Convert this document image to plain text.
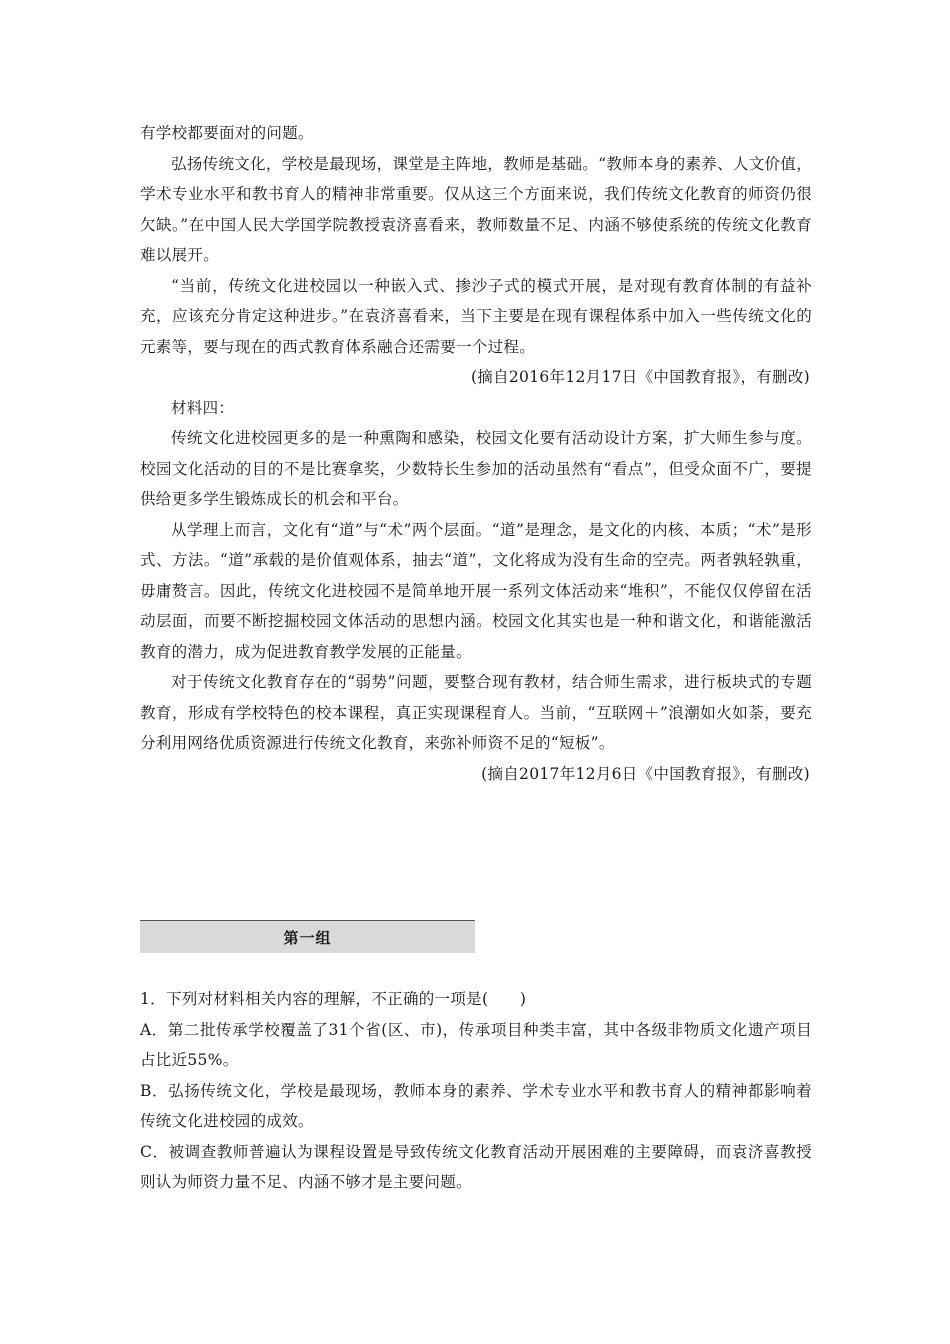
有学校都要面对的问题。

弘扬传统文化，学校是最现场，课堂是主阵地，教师是基础。“教师本身的素养、人文价值，学术专业水平和教书育人的精神非常重要。仅从这三个方面来说，我们传统文化教育的师资仍很欠缺。”在中国人民大学国学院教授袁济喜看来，教师数量不足、内涵不够使系统的传统文化教育难以展开。

“当前，传统文化进校园以一种嵌入式、掺沙子式的模式开展，是对现有教育体制的有益补充，应该充分肯定这种进步。”在袁济喜看来，当下主要是在现有课程体系中加入一些传统文化的元素等，要与现在的西式教育体系融合还需要一个过程。

(摘自2016年12月17日《中国教育报》，有删改)

材料四：

传统文化进校园更多的是一种熏陶和感染，校园文化要有活动设计方案，扩大师生参与度。校园文化活动的目的不是比赛拿奖，少数特长生参加的活动虽然有“看点”，但受众面不广，要提供给更多学生锻炼成长的机会和平台。

从学理上而言，文化有“道”与“术”两个层面。“道”是理念，是文化的内核、本质；“术”是形式、方法。“道”承载的是价值观体系，抽去“道”，文化将成为没有生命的空壳。两者孰轻孰重，毋庸赘言。因此，传统文化进校园不是简单地开展一系列文体活动来“堆积”，不能仅仅停留在活动层面，而要不断挖掘校园文体活动的思想内涵。校园文化其实也是一种和谐文化，和谐能激活教育的潜力，成为促进教育教学发展的正能量。

对于传统文化教育存在的“弱势”问题，要整合现有教材，结合师生需求，进行板块式的专题教育，形成有学校特色的校本课程，真正实现课程育人。当前，“互联网＋”浪潮如火如荼，要充分利用网络优质资源进行传统文化教育，来弥补师资不足的“短板”。

(摘自2017年12月6日《中国教育报》，有删改)

第一组

1．下列对材料相关内容的理解，不正确的一项是(　　)

A．第二批传承学校覆盖了31个省(区、市)，传承项目种类丰富，其中各级非物质文化遗产项目占比近55%。

B．弘扬传统文化，学校是最现场，教师本身的素养、学术专业水平和教书育人的精神都影响着传统文化进校园的成效。

C．被调查教师普遍认为课程设置是导致传统文化教育活动开展困难的主要障碍，而袁济喜教授则认为师资力量不足、内涵不够才是主要问题。
